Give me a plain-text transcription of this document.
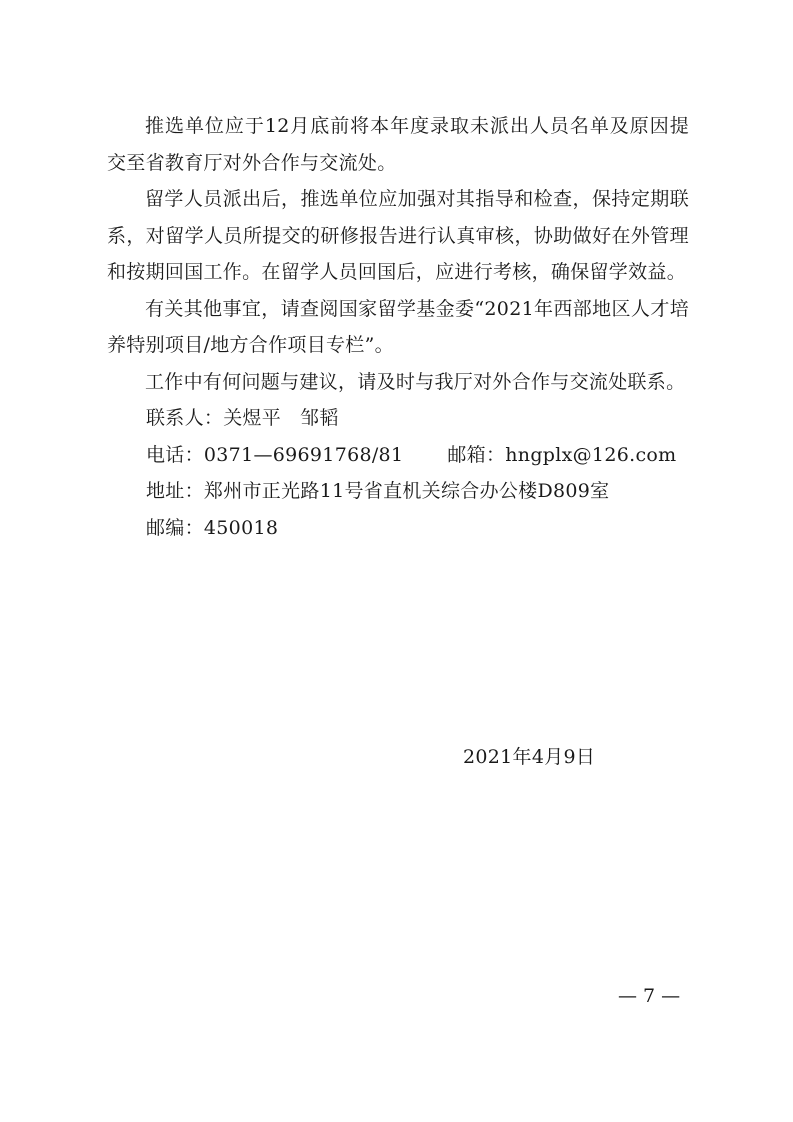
推选单位应于12月底前将本年度录取未派出人员名单及原因提交至省教育厅对外合作与交流处。

留学人员派出后，推选单位应加强对其指导和检查，保持定期联系，对留学人员所提交的研修报告进行认真审核，协助做好在外管理和按期回国工作。在留学人员回国后，应进行考核，确保留学效益。

有关其他事宜，请查阅国家留学基金委“2021年西部地区人才培养特别项目/地方合作项目专栏”。

工作中有何问题与建议，请及时与我厅对外合作与交流处联系。

联系人：关煜平   邹韬

电话：0371—69691768/81 邮箱：hngplx@126.com

地址：郑州市正光路11号省直机关综合办公楼D809室

邮编：450018

2021年4月9日
— 7 —
